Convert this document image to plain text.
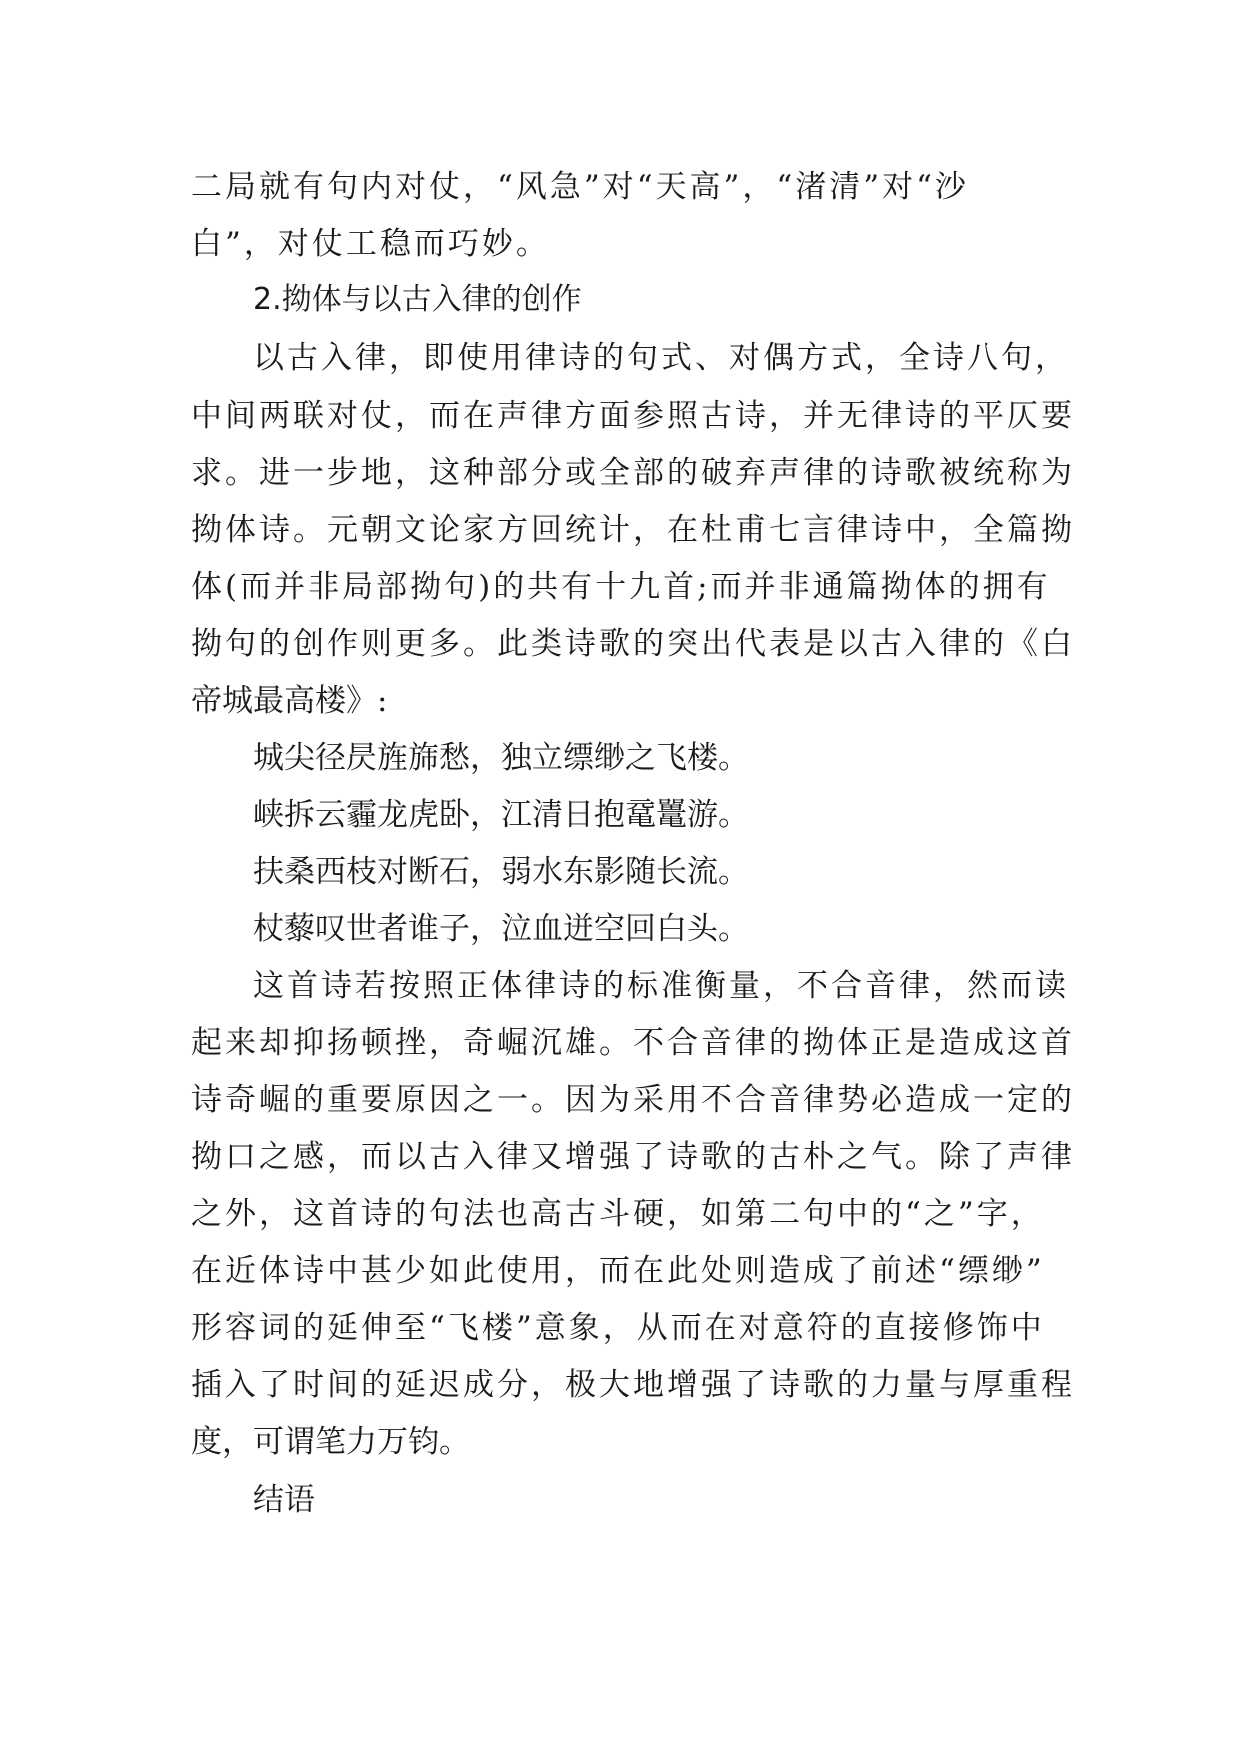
二局就有句内对仗，“风急”对“天高”，“渚清”对“沙
白”，对仗工稳而巧妙。
2.拗体与以古入律的创作
以古入律，即使用律诗的句式、对偶方式，全诗八句，
中间两联对仗，而在声律方面参照古诗，并无律诗的平仄要
求。进一步地，这种部分或全部的破弃声律的诗歌被统称为
拗体诗。元朝文论家方回统计，在杜甫七言律诗中，全篇拗
体(而并非局部拗句)的共有十九首;而并非通篇拗体的拥有
拗句的创作则更多。此类诗歌的突出代表是以古入律的《白
帝城最高楼》:
城尖径昃旌旆愁，独立缥缈之飞楼。
峡拆云霾龙虎卧，江清日抱鼋鼍游。
扶桑西枝对断石，弱水东影随长流。
杖藜叹世者谁子，泣血迸空回白头。
这首诗若按照正体律诗的标准衡量，不合音律，然而读
起来却抑扬顿挫，奇崛沉雄。不合音律的拗体正是造成这首
诗奇崛的重要原因之一。因为采用不合音律势必造成一定的
拗口之感，而以古入律又增强了诗歌的古朴之气。除了声律
之外，这首诗的句法也高古斗硬，如第二句中的“之”字，
在近体诗中甚少如此使用，而在此处则造成了前述“缥缈”
形容词的延伸至“飞楼”意象，从而在对意符的直接修饰中
插入了时间的延迟成分，极大地增强了诗歌的力量与厚重程
度，可谓笔力万钧。
结语
